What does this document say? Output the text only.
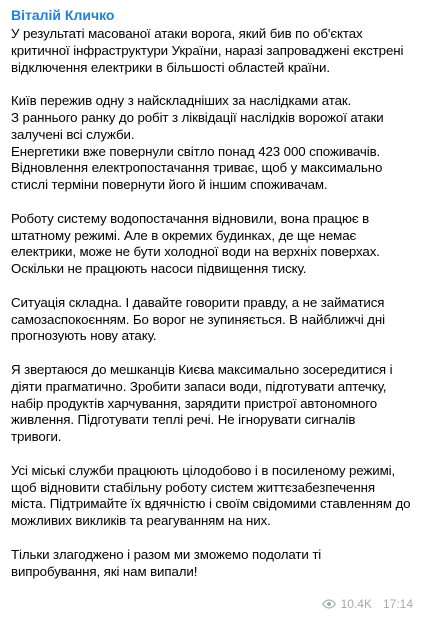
Віталій Кличко
У результаті масованої атаки ворога, який бив по об'єктах
критичної інфраструктури України, наразі запроваджені екстрені
відключення електрики в більшості областей країни.
Київ пережив одну з найскладніших за наслідками атак.
З раннього ранку до робіт з ліквідації наслідків ворожої атаки
залучені всі служби.
Енергетики вже повернули світло понад 423 000 споживачів.
Відновлення електропостачання триває, щоб у максимально
стислі терміни повернути його й іншим споживачам.
Роботу систему водопостачання відновили, вона працює в
штатному режимі. Але в окремих будинках, де ще немає
електрики, може не бути холодної води на верхніх поверхах.
Оскільки не працюють насоси підвищення тиску.
Ситуація складна. І давайте говорити правду, а не займатися
самозаспокоєнням. Бо ворог не зупиняється. В найближчі дні
прогнозують нову атаку.
Я звертаюся до мешканців Києва максимально зосередитися і
діяти прагматично. Зробити запаси води, підготувати аптечку,
набір продуктів харчування, зарядити пристрої автономного
живлення. Підготувати теплі речі. Не ігнорувати сигналів
тривоги.
Усі міські служби працюють цілодобово і в посиленому режимі,
щоб відновити стабільну роботу систем життєзабезпечення
міста. Підтримайте їх вдячністю і своїм свідомими ставленням до
можливих викликів та реагуванням на них.
Тільки злагоджено і разом ми зможемо подолати ті
випробування, які нам випали!
10.4K 17:14
